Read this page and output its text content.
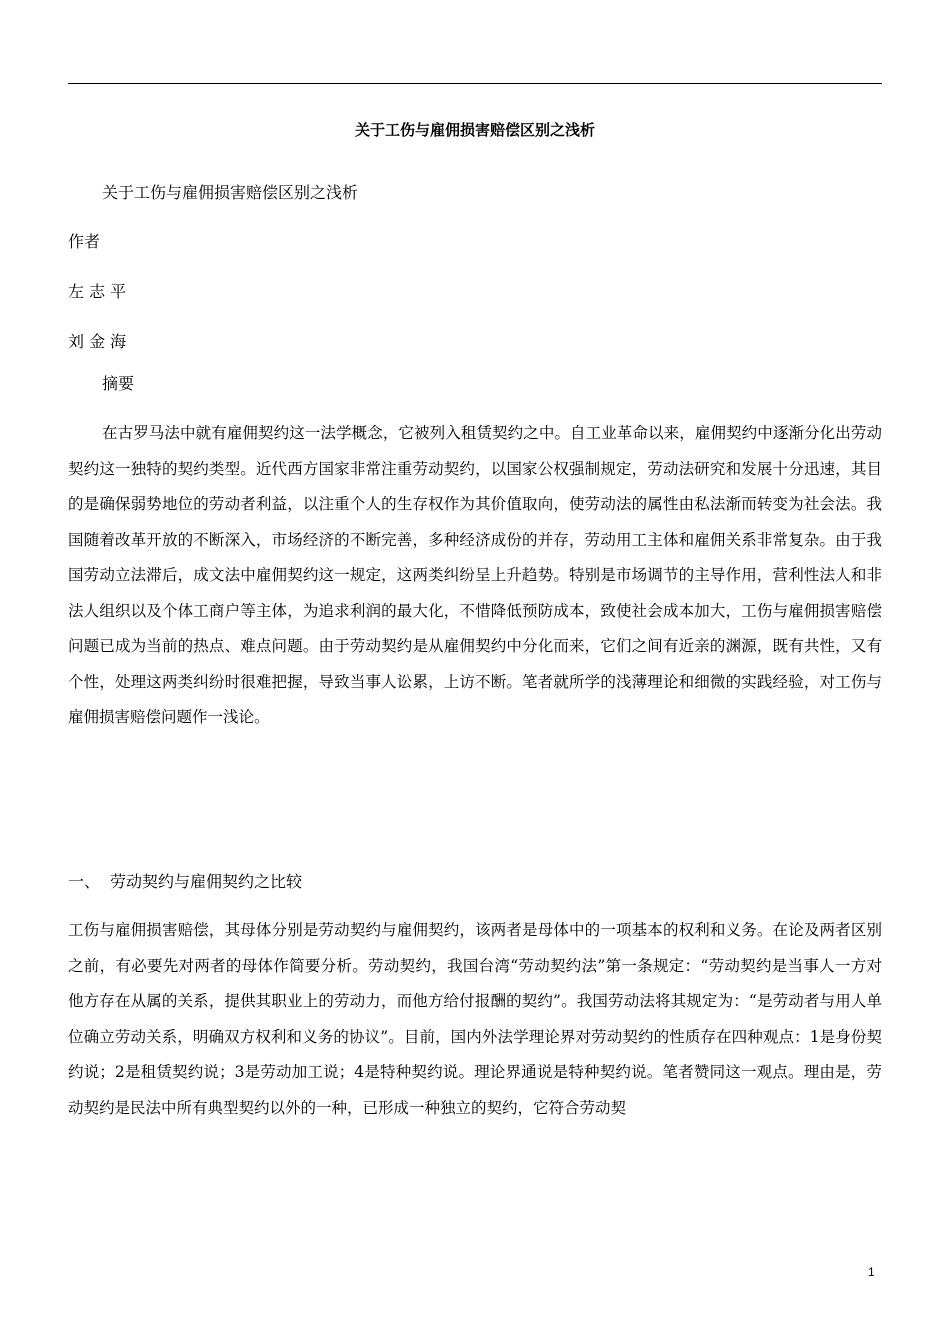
关于工伤与雇佣损害赔偿区别之浅析

关于工伤与雇佣损害赔偿区别之浅析

作者

左 志 平

刘 金 海

摘要

在古罗马法中就有雇佣契约这一法学概念，它被列入租赁契约之中。自工业革命以来，雇佣契约中逐渐分化出劳动契约这一独特的契约类型。近代西方国家非常注重劳动契约，以国家公权强制规定，劳动法研究和发展十分迅速，其目的是确保弱势地位的劳动者利益，以注重个人的生存权作为其价值取向，使劳动法的属性由私法渐而转变为社会法。我国随着改革开放的不断深入，市场经济的不断完善，多种经济成份的并存，劳动用工主体和雇佣关系非常复杂。由于我国劳动立法滞后，成文法中雇佣契约这一规定，这两类纠纷呈上升趋势。特别是市场调节的主导作用，营利性法人和非法人组织以及个体工商户等主体，为追求利润的最大化，不惜降低预防成本，致使社会成本加大，工伤与雇佣损害赔偿问题已成为当前的热点、难点问题。由于劳动契约是从雇佣契约中分化而来，它们之间有近亲的渊源，既有共性，又有个性，处理这两类纠纷时很难把握，导致当事人讼累，上访不断。笔者就所学的浅薄理论和细微的实践经验，对工伤与雇佣损害赔偿问题作一浅论。

一、 劳动契约与雇佣契约之比较

工伤与雇佣损害赔偿，其母体分别是劳动契约与雇佣契约，该两者是母体中的一项基本的权利和义务。在论及两者区别之前，有必要先对两者的母体作简要分析。劳动契约，我国台湾“劳动契约法”第一条规定：“劳动契约是当事人一方对他方存在从属的关系，提供其职业上的劳动力，而他方给付报酬的契约”。我国劳动法将其规定为：“是劳动者与用人单位确立劳动关系，明确双方权利和义务的协议”。目前，国内外法学理论界对劳动契约的性质存在四种观点：1是身份契约说；2是租赁契约说；3是劳动加工说；4是特种契约说。理论界通说是特种契约说。笔者赞同这一观点。理由是，劳动契约是民法中所有典型契约以外的一种，已形成一种独立的契约，它符合劳动契

1
